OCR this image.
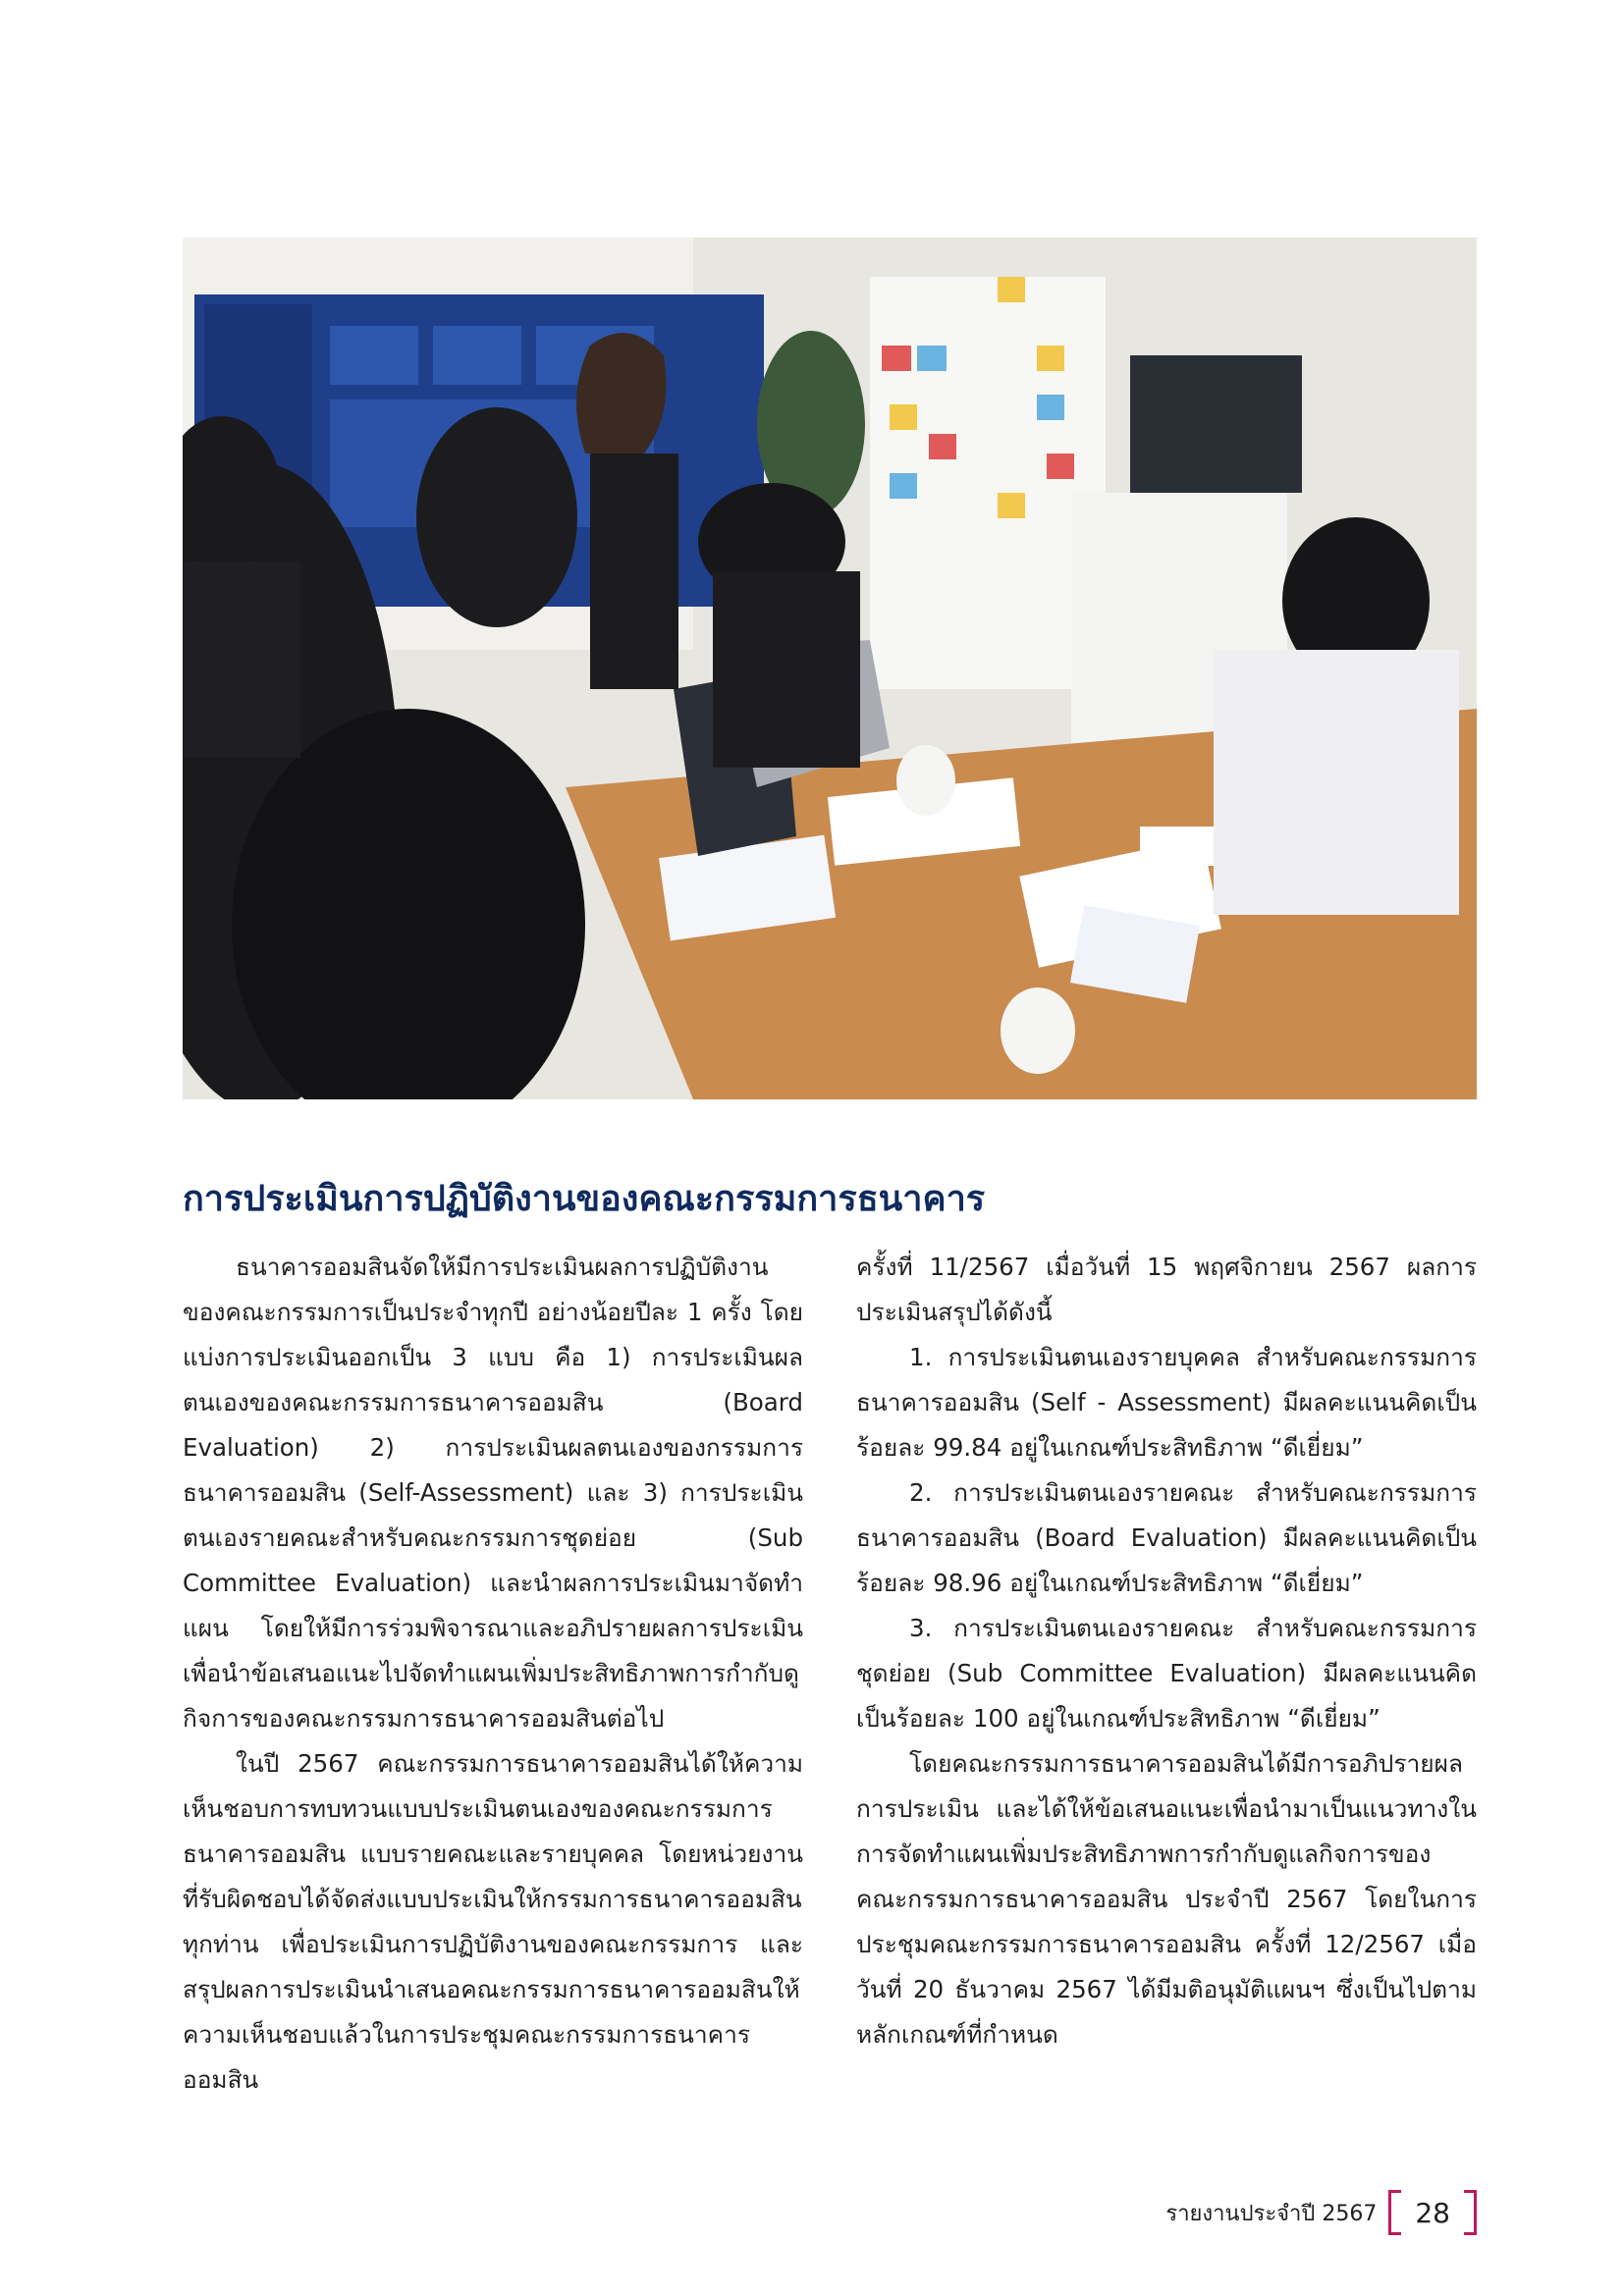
การประเมินการปฏิบัติงานของคณะกรรมการธนาคาร

ธนาคารออมสินจัดให้มีการประเมินผลการปฏิบัติงานของคณะกรรมการเป็นประจำทุกปี อย่างน้อยปีละ 1 ครั้ง โดยแบ่งการประเมินออกเป็น 3 แบบ คือ 1) การประเมินผลตนเองของคณะกรรมการธนาคารออมสิน (Board Evaluation) 2) การประเมินผลตนเองของกรรมการธนาคารออมสิน (Self-Assessment) และ 3) การประเมินตนเองรายคณะสำหรับคณะกรรมการชุดย่อย (Sub Committee Evaluation) และนำผลการประเมินมาจัดทำแผน โดยให้มีการร่วมพิจารณาและอภิปรายผลการประเมินเพื่อนำข้อเสนอแนะไปจัดทำแผนเพิ่มประสิทธิภาพการกำกับดูกิจการของคณะกรรมการธนาคารออมสินต่อไป

ในปี 2567 คณะกรรมการธนาคารออมสินได้ให้ความเห็นชอบการทบทวนแบบประเมินตนเองของคณะกรรมการธนาคารออมสิน แบบรายคณะและรายบุคคล โดยหน่วยงานที่รับผิดชอบได้จัดส่งแบบประเมินให้กรรมการธนาคารออมสินทุกท่าน เพื่อประเมินการปฏิบัติงานของคณะกรรมการ และสรุปผลการประเมินนำเสนอคณะกรรมการธนาคารออมสินให้ความเห็นชอบแล้วในการประชุมคณะกรรมการธนาคารออมสิน

ครั้งที่ 11/2567 เมื่อวันที่ 15 พฤศจิกายน 2567 ผลการประเมินสรุปได้ดังนี้

1. การประเมินตนเองรายบุคคล สำหรับคณะกรรมการธนาคารออมสิน (Self - Assessment) มีผลคะแนนคิดเป็นร้อยละ 99.84 อยู่ในเกณฑ์ประสิทธิภาพ “ดีเยี่ยม”

2. การประเมินตนเองรายคณะ สำหรับคณะกรรมการธนาคารออมสิน (Board Evaluation) มีผลคะแนนคิดเป็นร้อยละ 98.96 อยู่ในเกณฑ์ประสิทธิภาพ “ดีเยี่ยม”

3. การประเมินตนเองรายคณะ สำหรับคณะกรรมการชุดย่อย (Sub Committee Evaluation) มีผลคะแนนคิดเป็นร้อยละ 100 อยู่ในเกณฑ์ประสิทธิภาพ “ดีเยี่ยม”

โดยคณะกรรมการธนาคารออมสินได้มีการอภิปรายผลการประเมิน และได้ให้ข้อเสนอแนะเพื่อนำมาเป็นแนวทางในการจัดทำแผนเพิ่มประสิทธิภาพการกำกับดูแลกิจการของคณะกรรมการธนาคารออมสิน ประจำปี 2567 โดยในการประชุมคณะกรรมการธนาคารออมสิน ครั้งที่ 12/2567 เมื่อวันที่ 20 ธันวาคม 2567 ได้มีมติอนุมัติแผนฯ ซึ่งเป็นไปตามหลักเกณฑ์ที่กำหนด

รายงานประจำปี 2567 28
